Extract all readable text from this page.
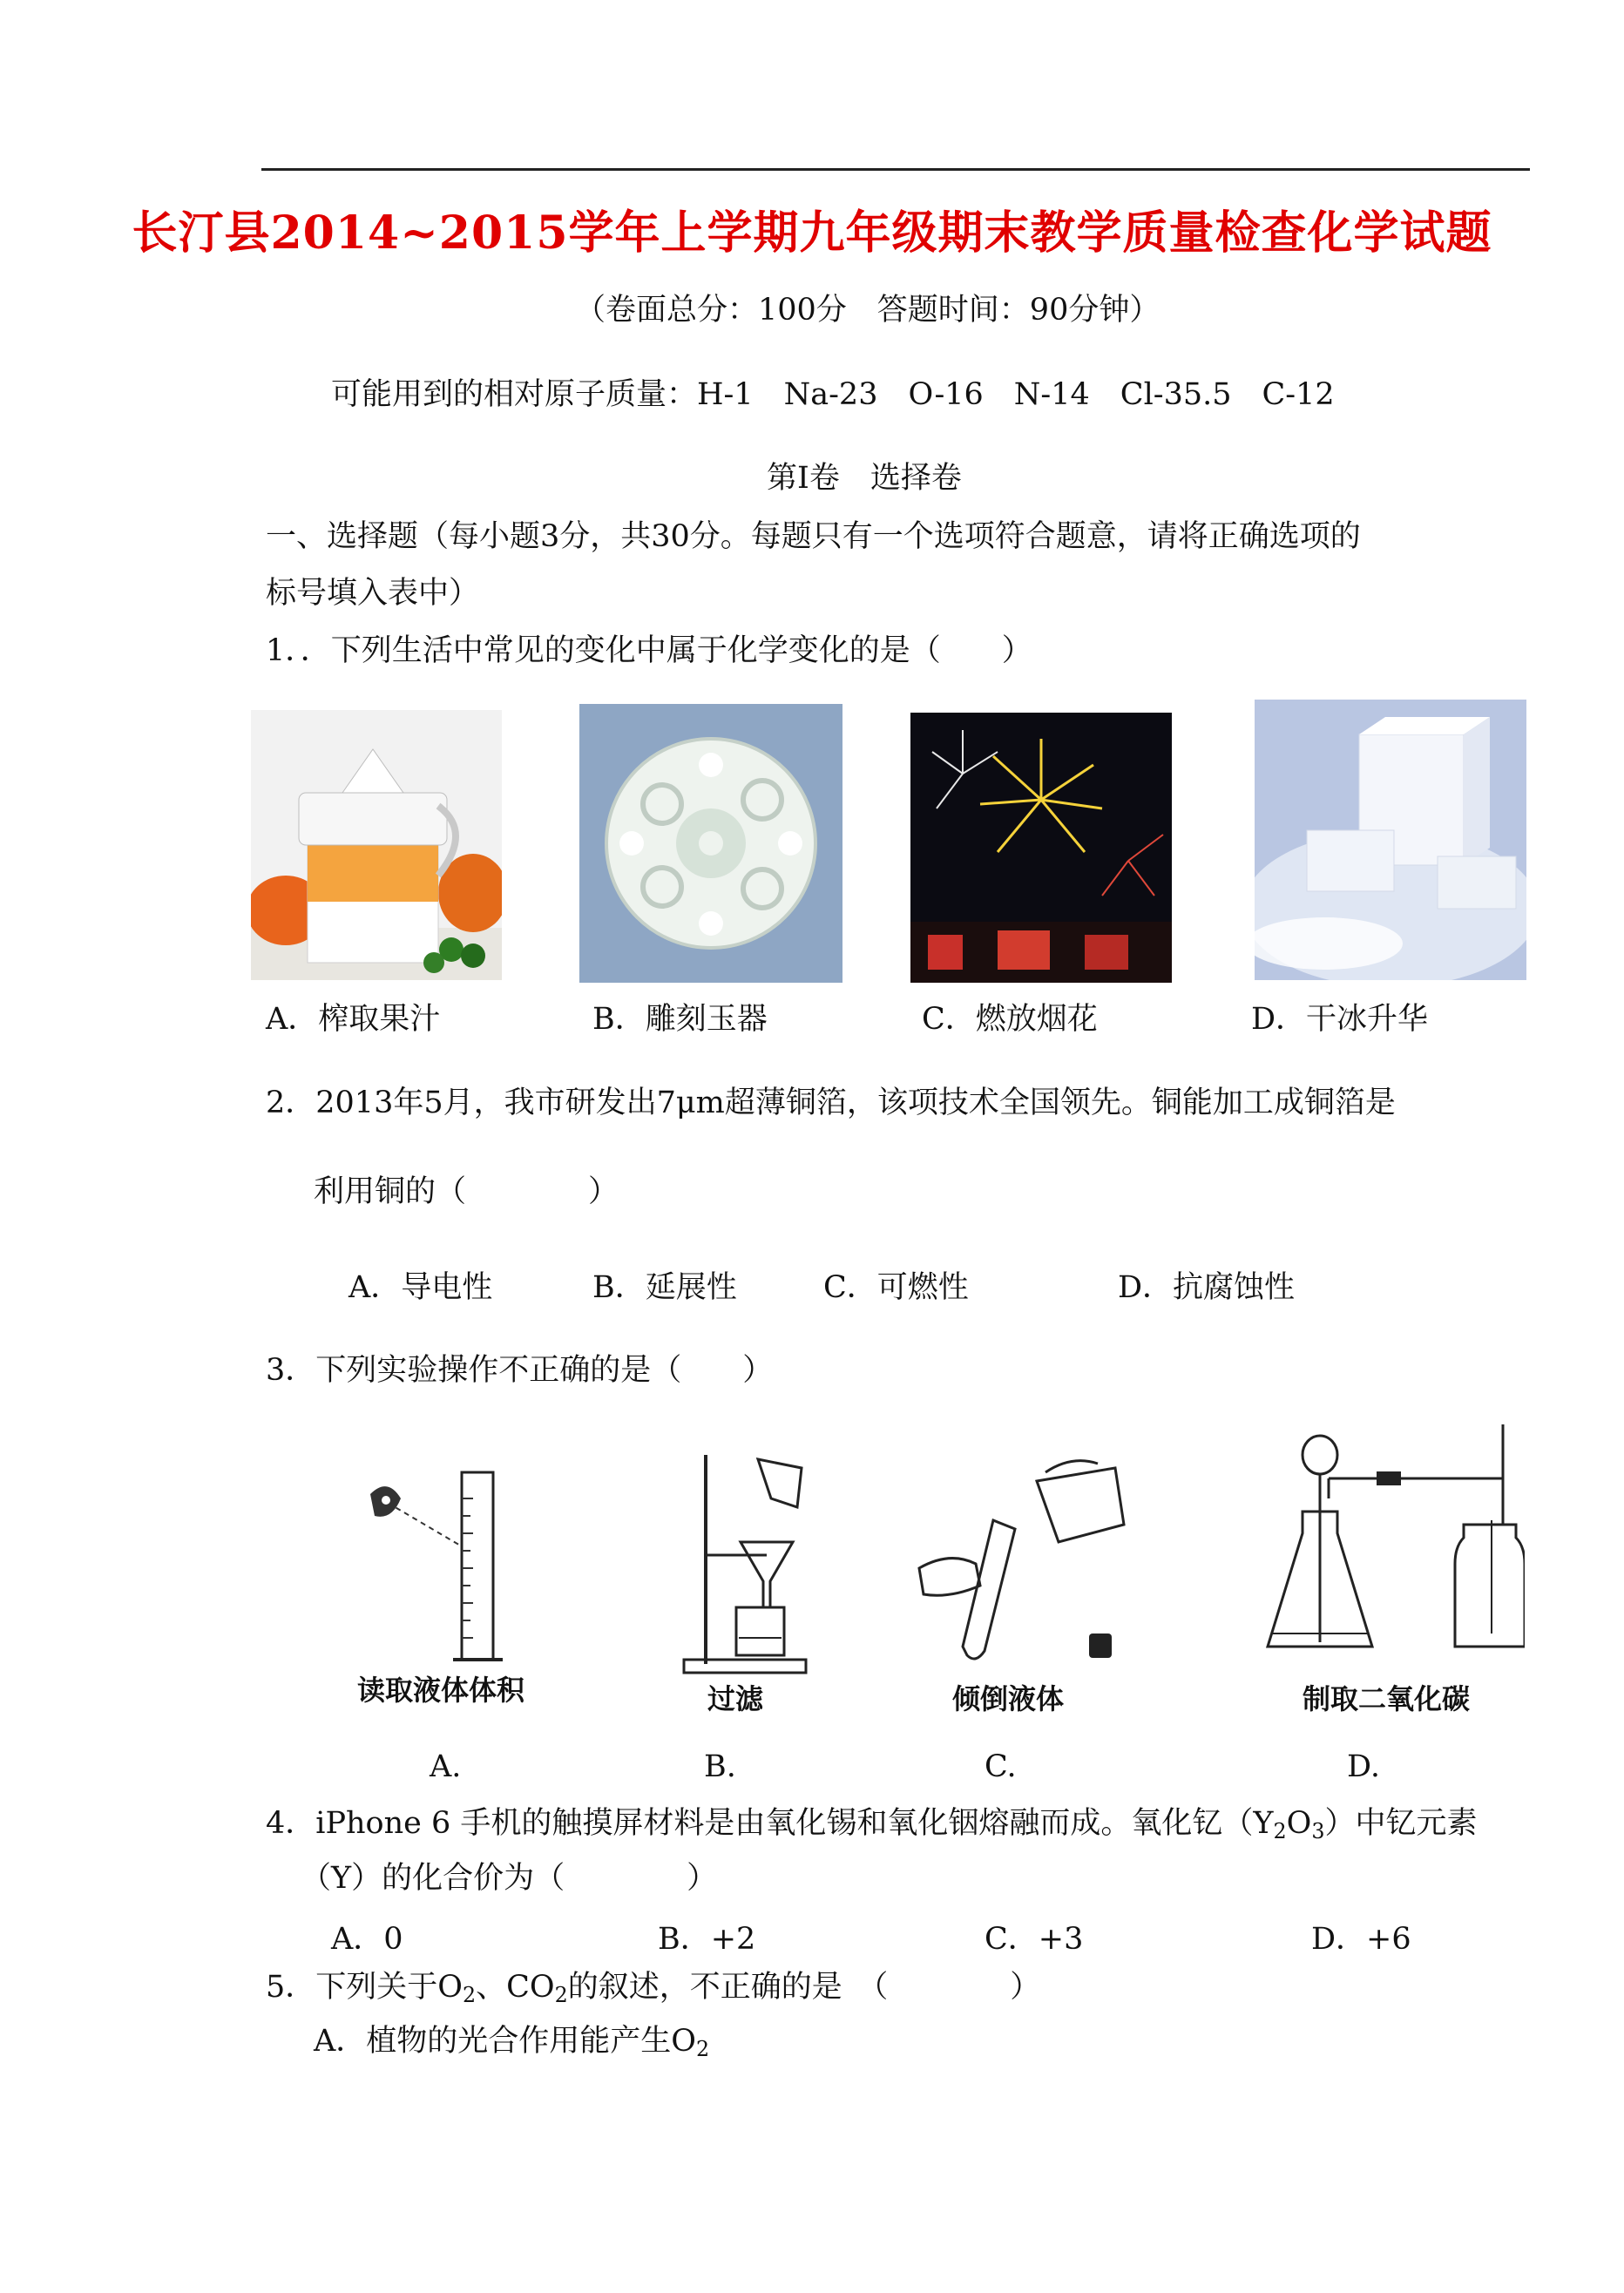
长汀县2014~2015学年上学期九年级期末教学质量检查化学试题
（卷面总分：100分　答题时间：90分钟）
可能用到的相对原子质量：H-1　Na-23　O-16　N-14　Cl-35.5　C-12
第Ⅰ卷　选择卷
一、选择题（每小题3分，共30分。每题只有一个选项符合题意，请将正确选项的
标号填入表中）
1．．下列生活中常见的变化中属于化学变化的是（　　）
A．榨取果汁	B．雕刻玉器	C．燃放烟花	D．干冰升华
2．2013年5月，我市研发出7μm超薄铜箔，该项技术全国领先。铜能加工成铜箔是
利用铜的（　　　　）
A．导电性	B．延展性	C．可燃性	D．抗腐蚀性
3．下列实验操作不正确的是（　　）
读取液体体积	过滤	倾倒液体	制取二氧化碳
A.	B.	C.	D.
4．iPhone 6 手机的触摸屏材料是由氧化锡和氧化铟熔融而成。氧化钇$(Y_2O_3)$中钇元素
（Y）的化合价为（　　　　）
A．0	B．+2	C．+3	D．+6
5．下列关于$O_2$、$CO_2$的叙述，不正确的是　（　　　　）
A．植物的光合作用能产生$O_2$
